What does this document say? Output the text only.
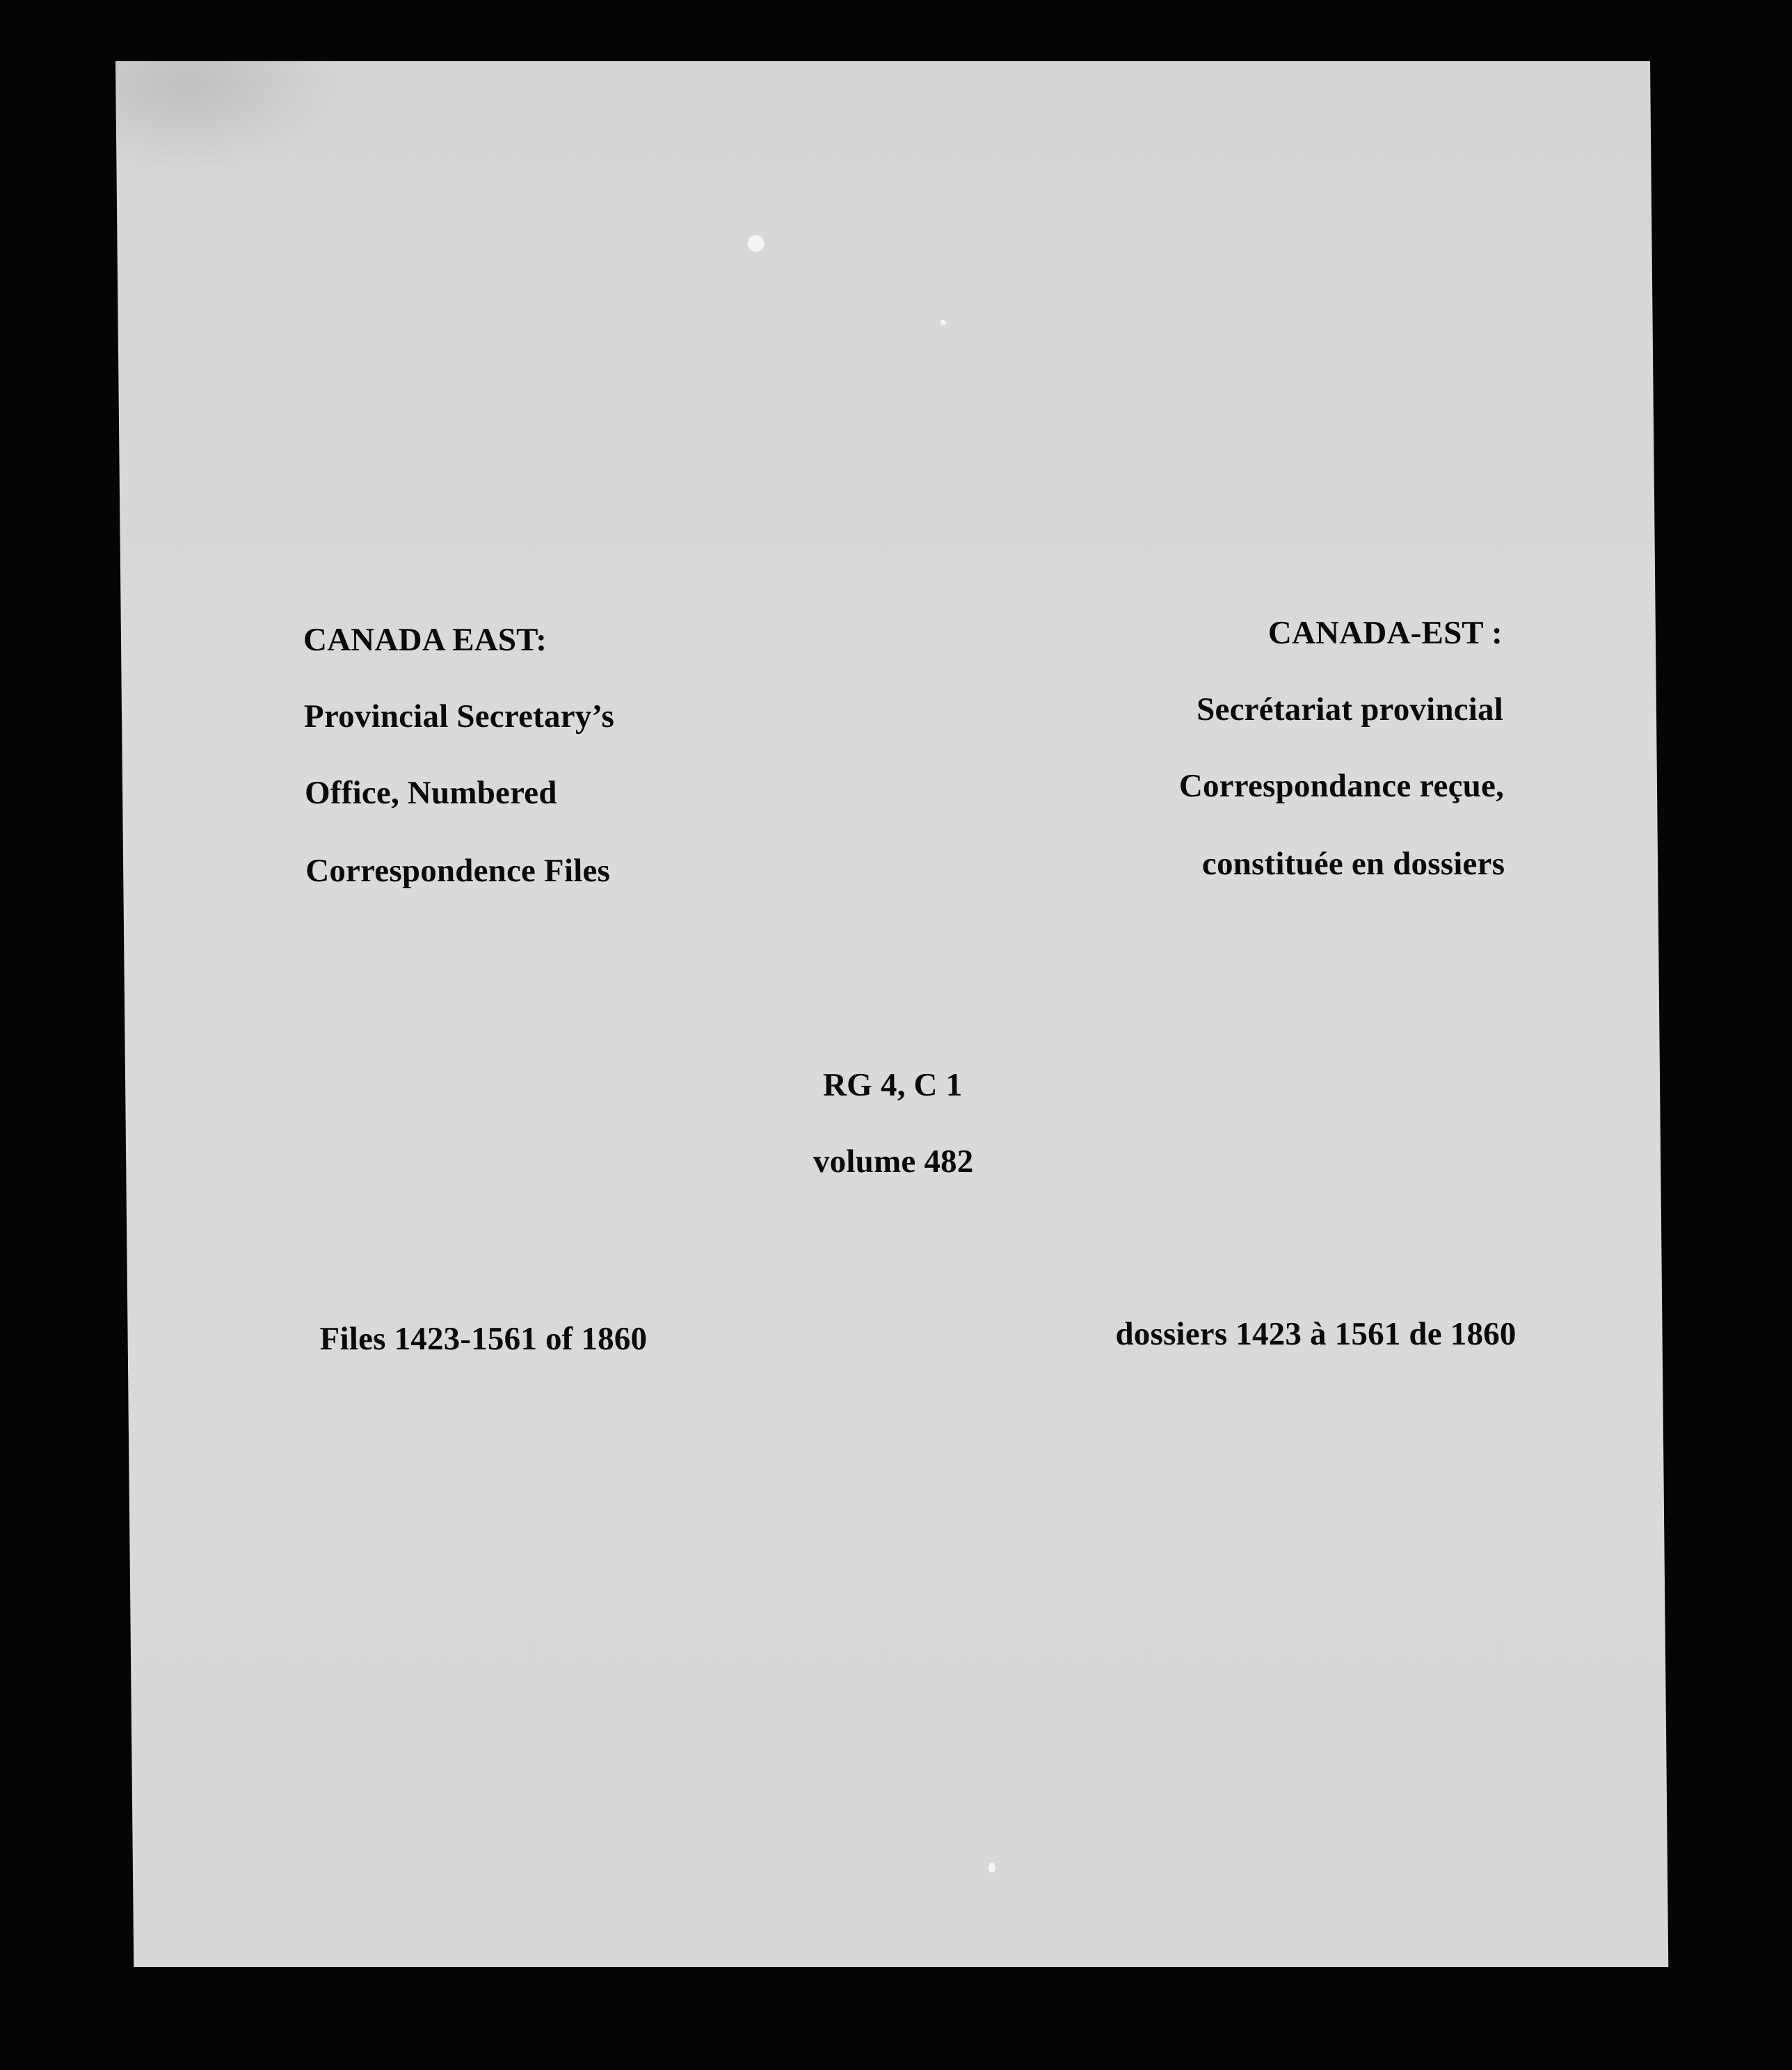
CANADA EAST:
Provincial Secretary’s
Office, Numbered
Correspondence Files
CANADA-EST :
Secrétariat provincial
Correspondance reçue,
constituée en dossiers
RG 4, C 1
volume 482
Files 1423-1561 of 1860	dossiers 1423 à 1561 de 1860
